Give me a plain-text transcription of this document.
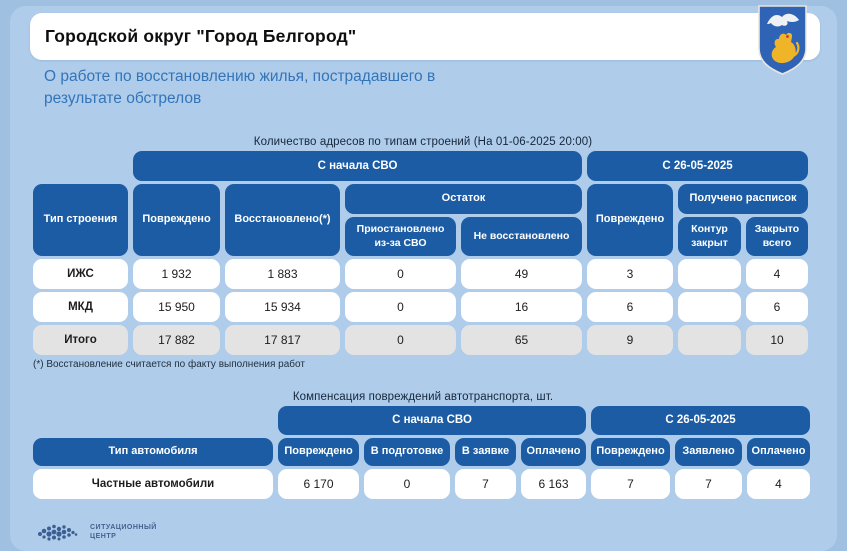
Городской округ "Город Белгород"
О работе по восстановлению жилья, пострадавшего в
результате обстрелов
Количество адресов по типам строений (На 01-06-2025 20:00)
	С начала СВО				С 26-05-2025		
Тип строения	Повреждено	Восстановлено(*)	Остаток		Повреждено	Получено расписок	
			Приостановлено из-за СВО	Не восстановлено		Контур закрыт	Закрыто всего
ИЖС	1 932	1 883	0	49	3		4
МКД	15 950	15 934	0	16	6		6
Итого	17 882	17 817	0	65	9		10
(*) Восстановление считается по факту выполнения работ
Компенсация повреждений автотранспорта, шт.
	С начала СВО				С 26-05-2025		
Тип автомобиля	Повреждено	В подготовке	В заявке	Оплачено	Повреждено	Заявлено	Оплачено
Частные автомобили	6 170	0	7	6 163	7	7	4
СИТУАЦИОННЫЙ
ЦЕНТР
